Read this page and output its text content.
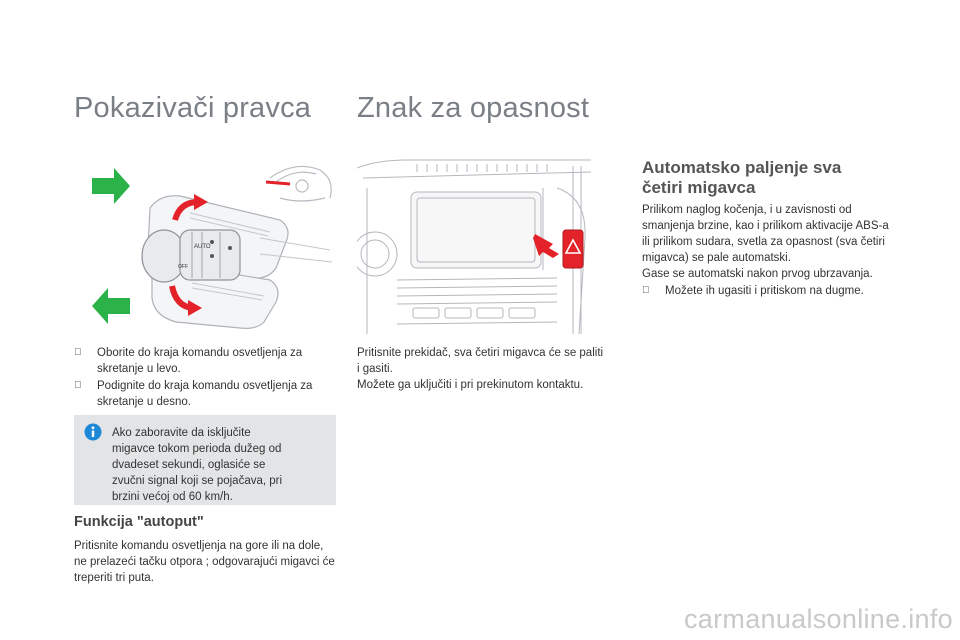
Pokazivači pravca
AUTO
OFF
Oborite do kraja komandu osvetljenja za skretanje u levo.
Podignite do kraja komandu osvetljenja za skretanje u desno.
Ako zaboravite da isključite migavce tokom perioda dužeg od dvadeset sekundi, oglasiće se zvučni signal koji se pojačava, pri brzini većoj od 60 km/h.
Funkcija "autoput"
Pritisnite komandu osvetljenja na gore ili na dole, ne prelazeći tačku otpora ; odgovarajući migavci će treperiti tri puta.
Znak za opasnost
Pritisnite prekidač, sva četiri migavca će se paliti i gasiti.
Možete ga uključiti i pri prekinutom kontaktu.
Automatsko paljenje sva
četiri migavca
Prilikom naglog kočenja, i u zavisnosti od smanjenja brzine, kao i prilikom aktivacije ABS-a ili prilikom sudara, svetla za opasnost (sva četiri migavca) se pale automatski.
Gase se automatski nakon prvog ubrzavanja.
Možete ih ugasiti i pritiskom na dugme.
carmanualsonline.info
